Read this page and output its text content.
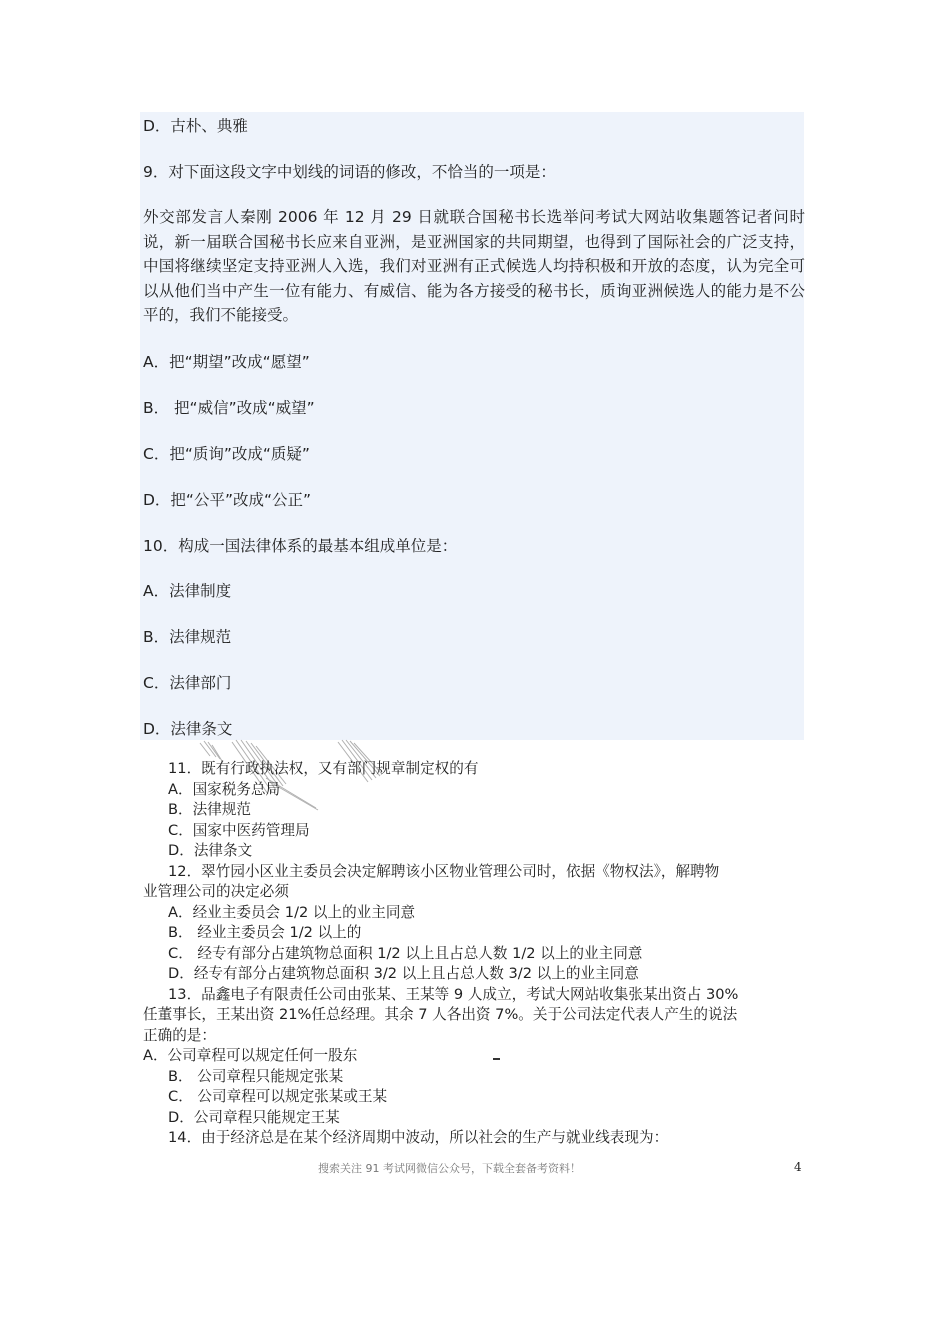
D．古朴、典雅
9．对下面这段文字中划线的词语的修改，不恰当的一项是：
外交部发言人秦刚 2006 年 12 月 29 日就联合国秘书长选举问考试大网站收集题答记者问时说，新一届联合国秘书长应来自亚洲，是亚洲国家的共同期望，也得到了国际社会的广泛支持，中国将继续坚定支持亚洲人入选，我们对亚洲有正式候选人均持积极和开放的态度，认为完全可以从他们当中产生一位有能力、有威信、能为各方接受的秘书长，质询亚洲候选人的能力是不公平的，我们不能接受。
A．把“期望”改成“愿望”
B． 把“威信”改成“威望”
C．把“质询”改成“质疑”
D．把“公平”改成“公正”
10．构成一国法律体系的最基本组成单位是：
A．法律制度
B．法律规范
C．法律部门
D．法律条文
11．既有行政执法权，又有部门规章制定权的有
A．国家税务总局
B．法律规范
C．国家中医药管理局
D．法律条文
12．翠竹园小区业主委员会决定解聘该小区物业管理公司时，依据《物权法》，解聘物
业管理公司的决定必须
A．经业主委员会 1/2 以上的业主同意
B． 经业主委员会 1/2 以上的
C． 经专有部分占建筑物总面积 1/2 以上且占总人数 1/2 以上的业主同意
D．经专有部分占建筑物总面积 3/2 以上且占总人数 3/2 以上的业主同意
13．品鑫电子有限责任公司由张某、王某等 9 人成立，考试大网站收集张某出资占 30%
任董事长，王某出资 21%任总经理。其余 7 人各出资 7%。关于公司法定代表人产生的说法
正确的是：
A．公司章程可以规定任何一股东
B． 公司章程只能规定张某
C． 公司章程可以规定张某或王某
D．公司章程只能规定王某
14．由于经济总是在某个经济周期中波动，所以社会的生产与就业线表现为：
搜索关注 91 考试网微信公众号，下载全套备考资料！	4
